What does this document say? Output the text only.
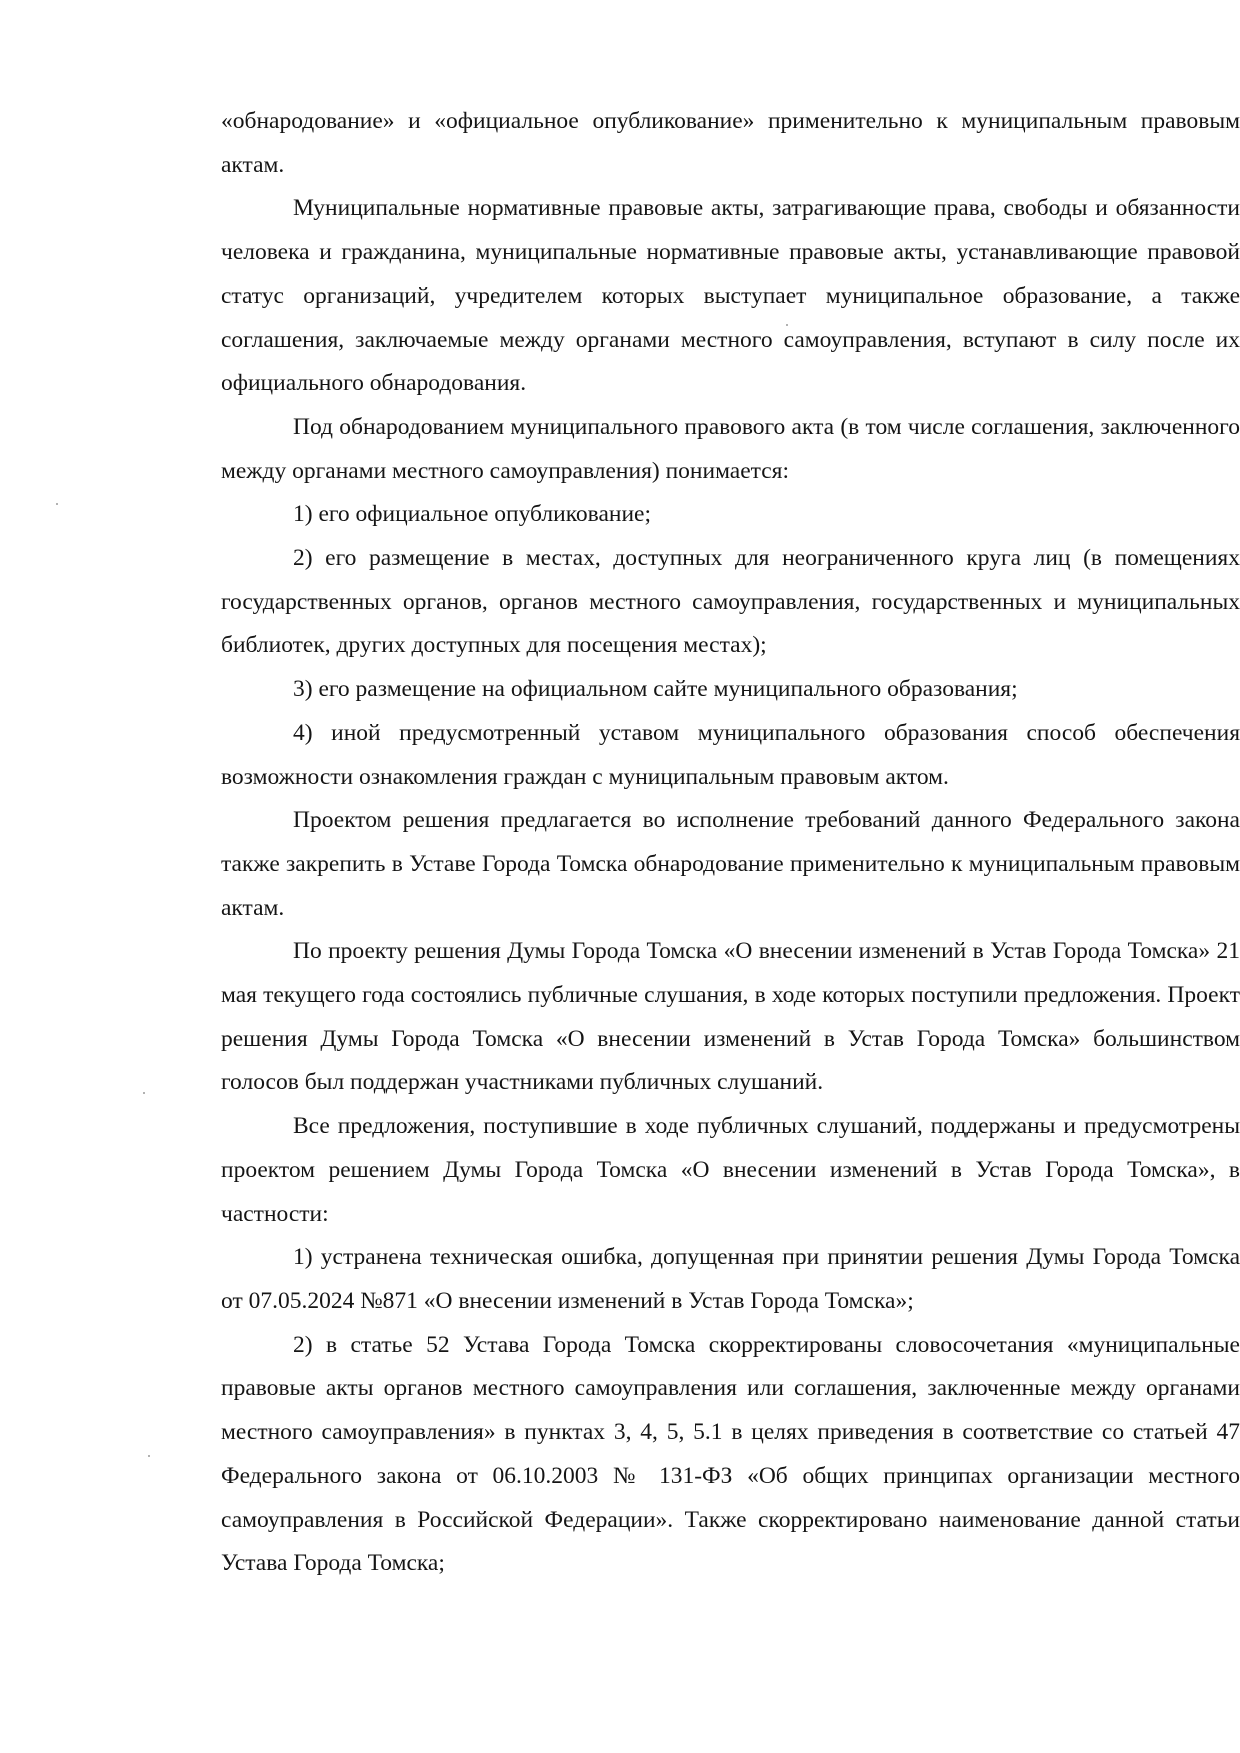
«обнародование» и «официальное опубликование» применительно к муниципальным правовым актам.

Муниципальные нормативные правовые акты, затрагивающие права, свободы и обязанности человека и гражданина, муниципальные нормативные правовые акты, устанавливающие правовой статус организаций, учредителем которых выступает муниципальное образование, а также соглашения, заключаемые между органами местного самоуправления, вступают в силу после их официального обнародования.

Под обнародованием муниципального правового акта (в том числе соглашения, заключенного между органами местного самоуправления) понимается:

1) его официальное опубликование;

2) его размещение в местах, доступных для неограниченного круга лиц (в помещениях государственных органов, органов местного самоуправления, государственных и муниципальных библиотек, других доступных для посещения местах);

3) его размещение на официальном сайте муниципального образования;

4) иной предусмотренный уставом муниципального образования способ обеспечения возможности ознакомления граждан с муниципальным правовым актом.

Проектом решения предлагается во исполнение требований данного Федерального закона также закрепить в Уставе Города Томска обнародование применительно к муниципальным правовым актам.

По проекту решения Думы Города Томска «О внесении изменений в Устав Города Томска» 21 мая текущего года состоялись публичные слушания, в ходе которых поступили предложения. Проект решения Думы Города Томска «О внесении изменений в Устав Города Томска» большинством голосов был поддержан участниками публичных слушаний.

Все предложения, поступившие в ходе публичных слушаний, поддержаны и предусмотрены проектом решением Думы Города Томска «О внесении изменений в Устав Города Томска», в частности:

1) устранена техническая ошибка, допущенная при принятии решения Думы Города Томска от 07.05.2024 №871 «О внесении изменений в Устав Города Томска»;

2) в статье 52 Устава Города Томска скорректированы словосочетания «муниципальные правовые акты органов местного самоуправления или соглашения, заключенные между органами местного самоуправления» в пунктах 3, 4, 5, 5.1 в целях приведения в соответствие со статьей 47 Федерального закона от 06.10.2003 № 131-ФЗ «Об общих принципах организации местного самоуправления в Российской Федерации». Также скорректировано наименование данной статьи Устава Города Томска;
